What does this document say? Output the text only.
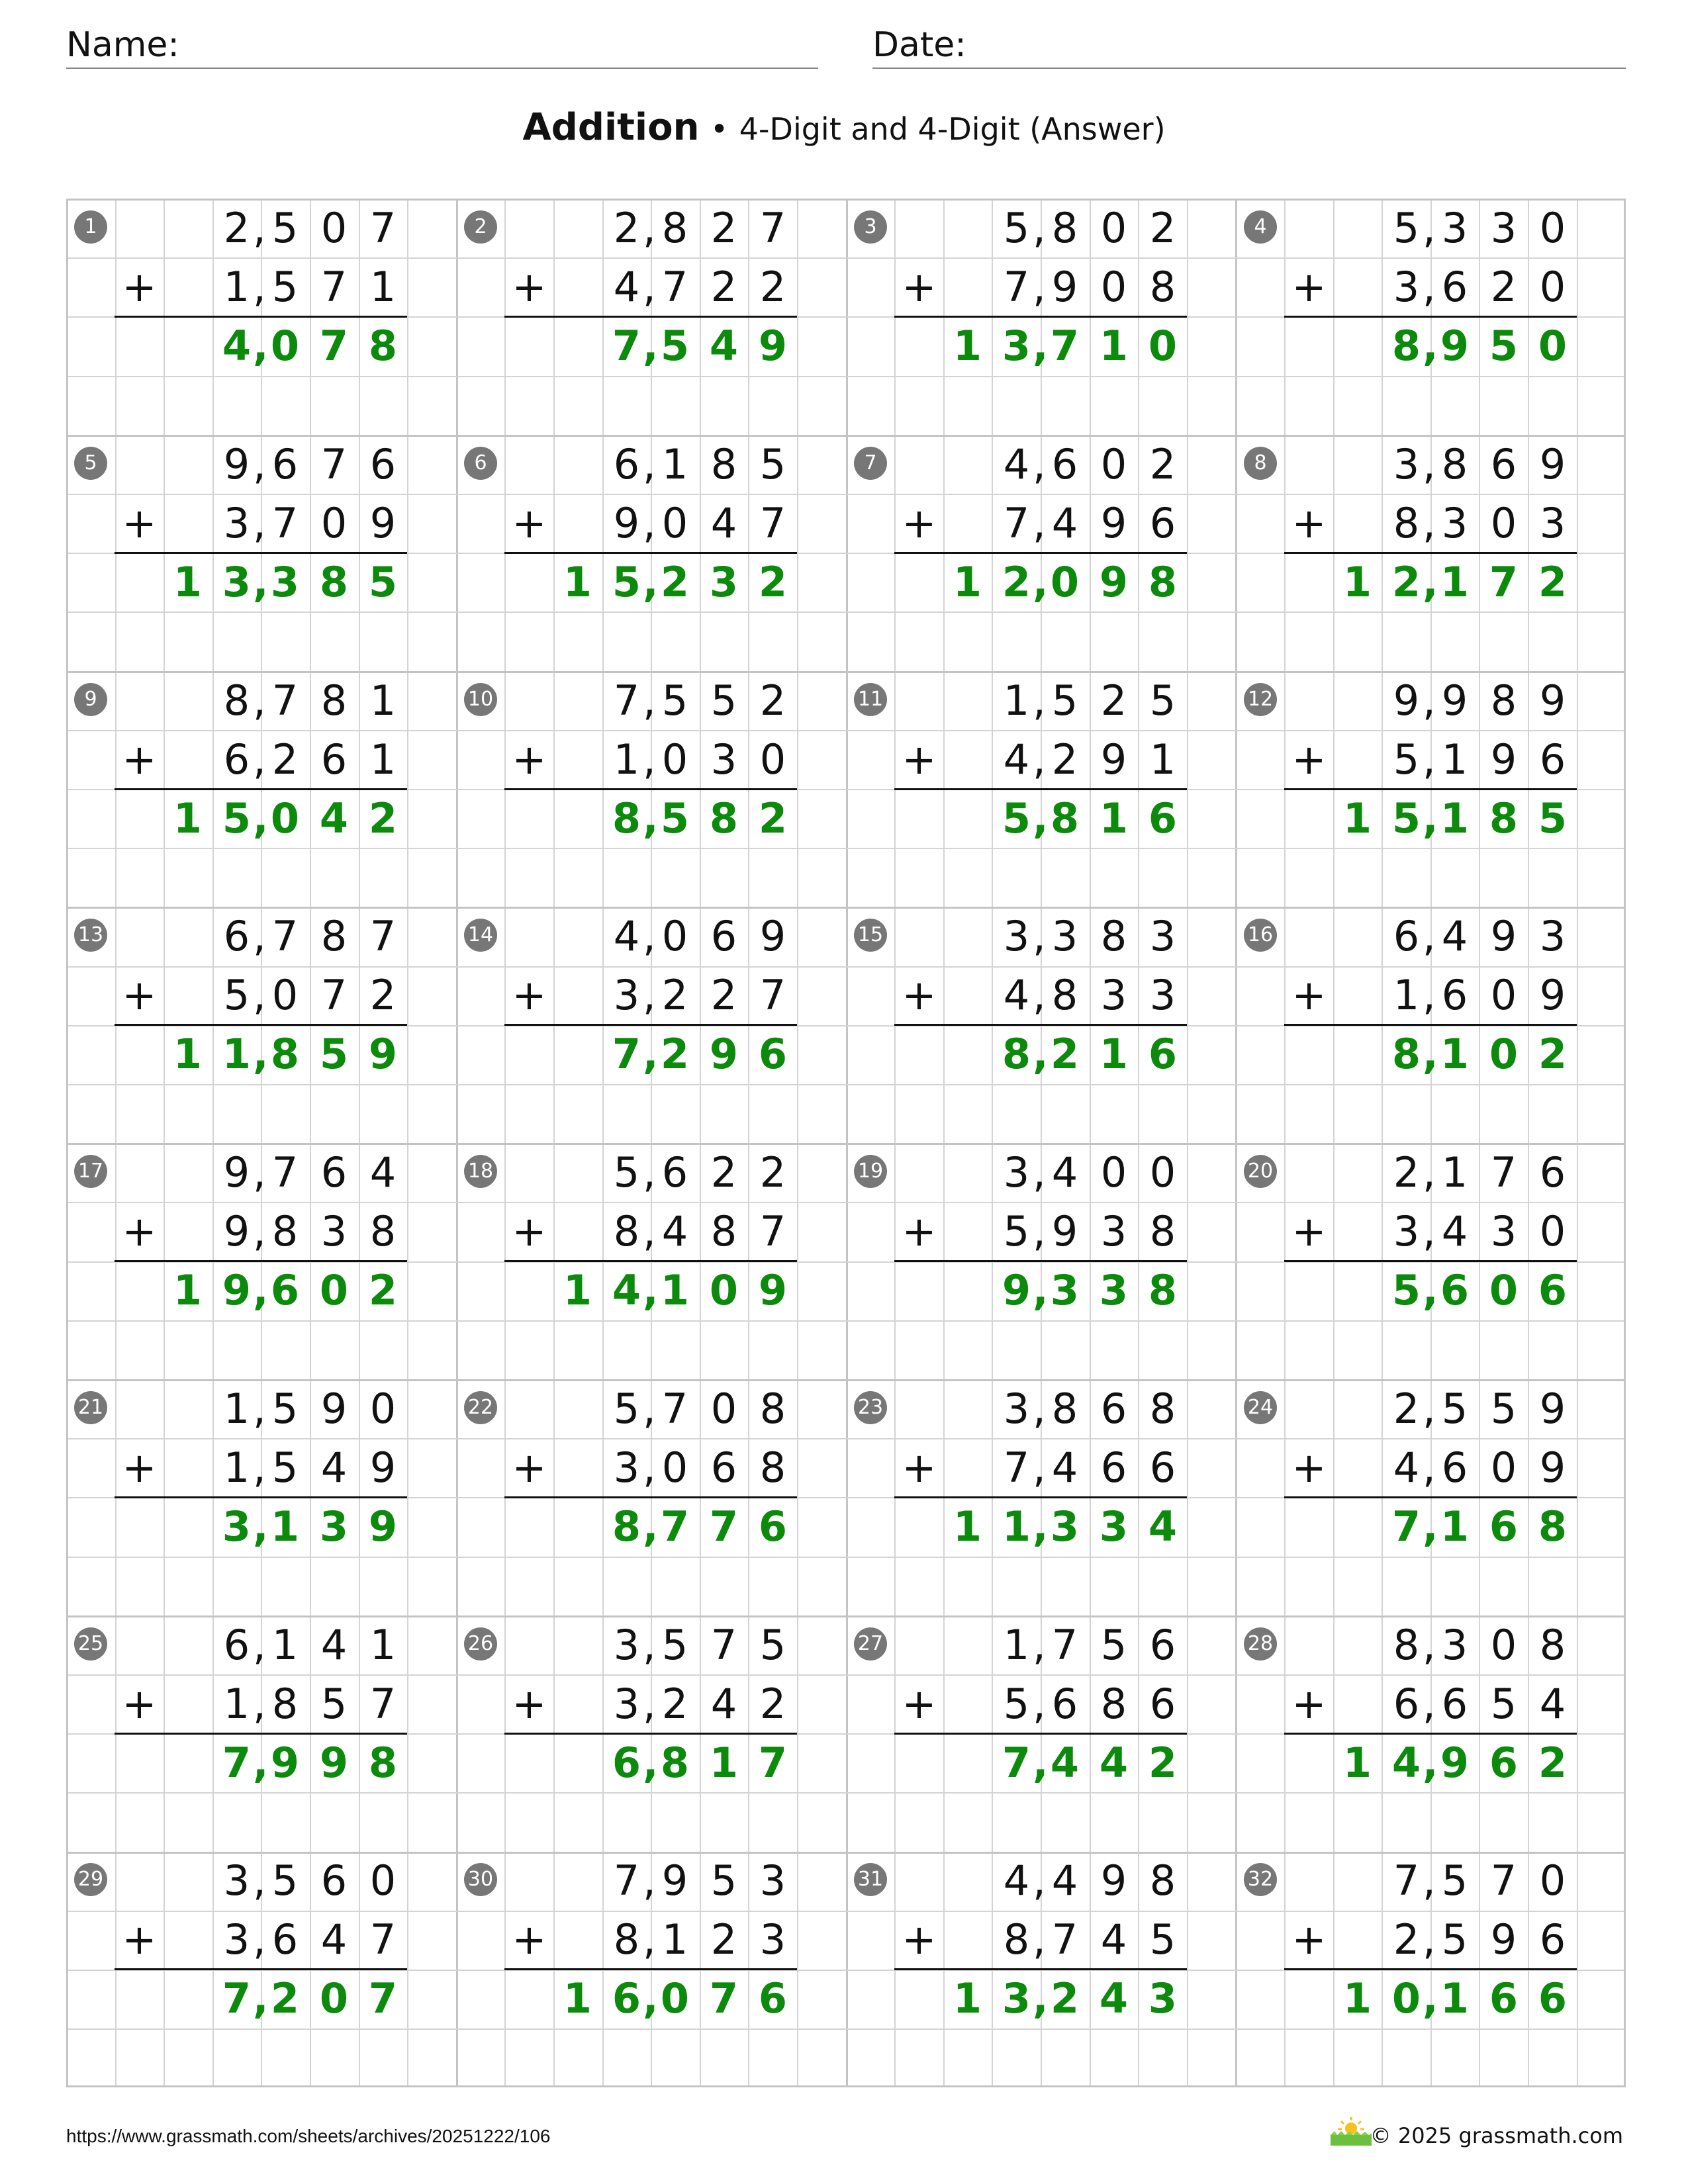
Name:	Date:
Addition • 4-Digit and 4-Digit (Answer)
1	2 , 5 0 7
+ 1 , 5 7 1
4 , 0 7 8
2	2 , 8 2 7
+ 4 , 7 2 2
7 , 5 4 9
3	5 , 8 0 2
+ 7 , 9 0 8
1 3 , 7 1 0
4	5 , 3 3 0
+ 3 , 6 2 0
8 , 9 5 0
5	9 , 6 7 6
+ 3 , 7 0 9
1 3 , 3 8 5
6	6 , 1 8 5
+ 9 , 0 4 7
1 5 , 2 3 2
7	4 , 6 0 2
+ 7 , 4 9 6
1 2 , 0 9 8
8	3 , 8 6 9
+ 8 , 3 0 3
1 2 , 1 7 2
9	8 , 7 8 1
+ 6 , 2 6 1
1 5 , 0 4 2
10	7 , 5 5 2
+ 1 , 0 3 0
8 , 5 8 2
11	1 , 5 2 5
+ 4 , 2 9 1
5 , 8 1 6
12	9 , 9 8 9
+ 5 , 1 9 6
1 5 , 1 8 5
13	6 , 7 8 7
+ 5 , 0 7 2
1 1 , 8 5 9
14	4 , 0 6 9
+ 3 , 2 2 7
7 , 2 9 6
15	3 , 3 8 3
+ 4 , 8 3 3
8 , 2 1 6
16	6 , 4 9 3
+ 1 , 6 0 9
8 , 1 0 2
17	9 , 7 6 4
+ 9 , 8 3 8
1 9 , 6 0 2
18	5 , 6 2 2
+ 8 , 4 8 7
1 4 , 1 0 9
19	3 , 4 0 0
+ 5 , 9 3 8
9 , 3 3 8
20	2 , 1 7 6
+ 3 , 4 3 0
5 , 6 0 6
21	1 , 5 9 0
+ 1 , 5 4 9
3 , 1 3 9
22	5 , 7 0 8
+ 3 , 0 6 8
8 , 7 7 6
23	3 , 8 6 8
+ 7 , 4 6 6
1 1 , 3 3 4
24	2 , 5 5 9
+ 4 , 6 0 9
7 , 1 6 8
25	6 , 1 4 1
+ 1 , 8 5 7
7 , 9 9 8
26	3 , 5 7 5
+ 3 , 2 4 2
6 , 8 1 7
27	1 , 7 5 6
+ 5 , 6 8 6
7 , 4 4 2
28	8 , 3 0 8
+ 6 , 6 5 4
1 4 , 9 6 2
29	3 , 5 6 0
+ 3 , 6 4 7
7 , 2 0 7
30	7 , 9 5 3
+ 8 , 1 2 3
1 6 , 0 7 6
31	4 , 4 9 8
+ 8 , 7 4 5
1 3 , 2 4 3
32	7 , 5 7 0
+ 2 , 5 9 6
1 0 , 1 6 6
https://www.grassmath.com/sheets/archives/20251222/106	© 2025 grassmath.com
